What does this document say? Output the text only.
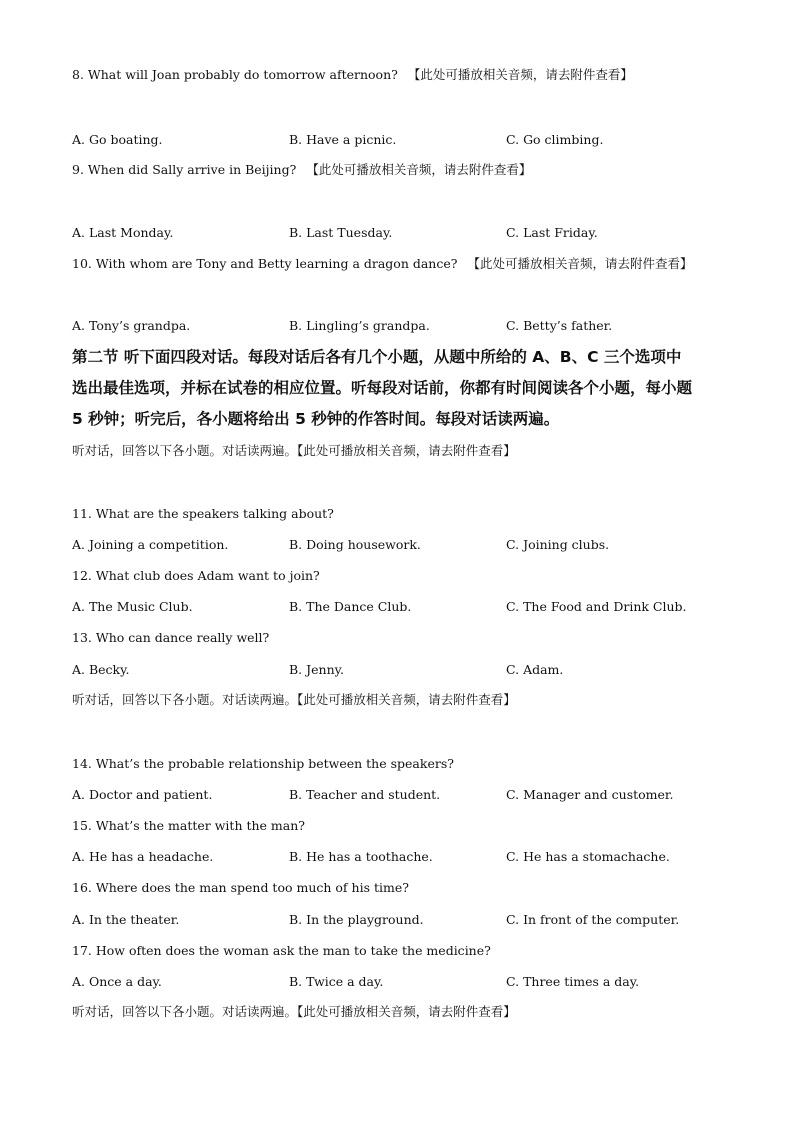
8. What will Joan probably do tomorrow afternoon? 【此处可播放相关音频，请去附件查看】
A. Go boating.	B. Have a picnic.	C. Go climbing.
9. When did Sally arrive in Beijing? 【此处可播放相关音频，请去附件查看】
A. Last Monday.	B. Last Tuesday.	C. Last Friday.
10. With whom are Tony and Betty learning a dragon dance? 【此处可播放相关音频，请去附件查看】
A. Tony’s grandpa.	B. Lingling’s grandpa.	C. Betty’s father.
第二节 听下面四段对话。每段对话后各有几个小题，从题中所给的 A、B、C 三个选项中
选出最佳选项，并标在试卷的相应位置。听每段对话前，你都有时间阅读各个小题，每小题
5 秒钟；听完后，各小题将给出 5 秒钟的作答时间。每段对话读两遍。
听对话，回答以下各小题。对话读两遍。【此处可播放相关音频，请去附件查看】
11. What are the speakers talking about?
A. Joining a competition.	B. Doing housework.	C. Joining clubs.
12. What club does Adam want to join?
A. The Music Club.	B. The Dance Club.	C. The Food and Drink Club.
13. Who can dance really well?
A. Becky.	B. Jenny.	C. Adam.
听对话，回答以下各小题。对话读两遍。【此处可播放相关音频，请去附件查看】
14. What’s the probable relationship between the speakers?
A. Doctor and patient.	B. Teacher and student.	C. Manager and customer.
15. What’s the matter with the man?
A. He has a headache.	B. He has a toothache.	C. He has a stomachache.
16. Where does the man spend too much of his time?
A. In the theater.	B. In the playground.	C. In front of the computer.
17. How often does the woman ask the man to take the medicine?
A. Once a day.	B. Twice a day.	C. Three times a day.
听对话，回答以下各小题。对话读两遍。【此处可播放相关音频，请去附件查看】
